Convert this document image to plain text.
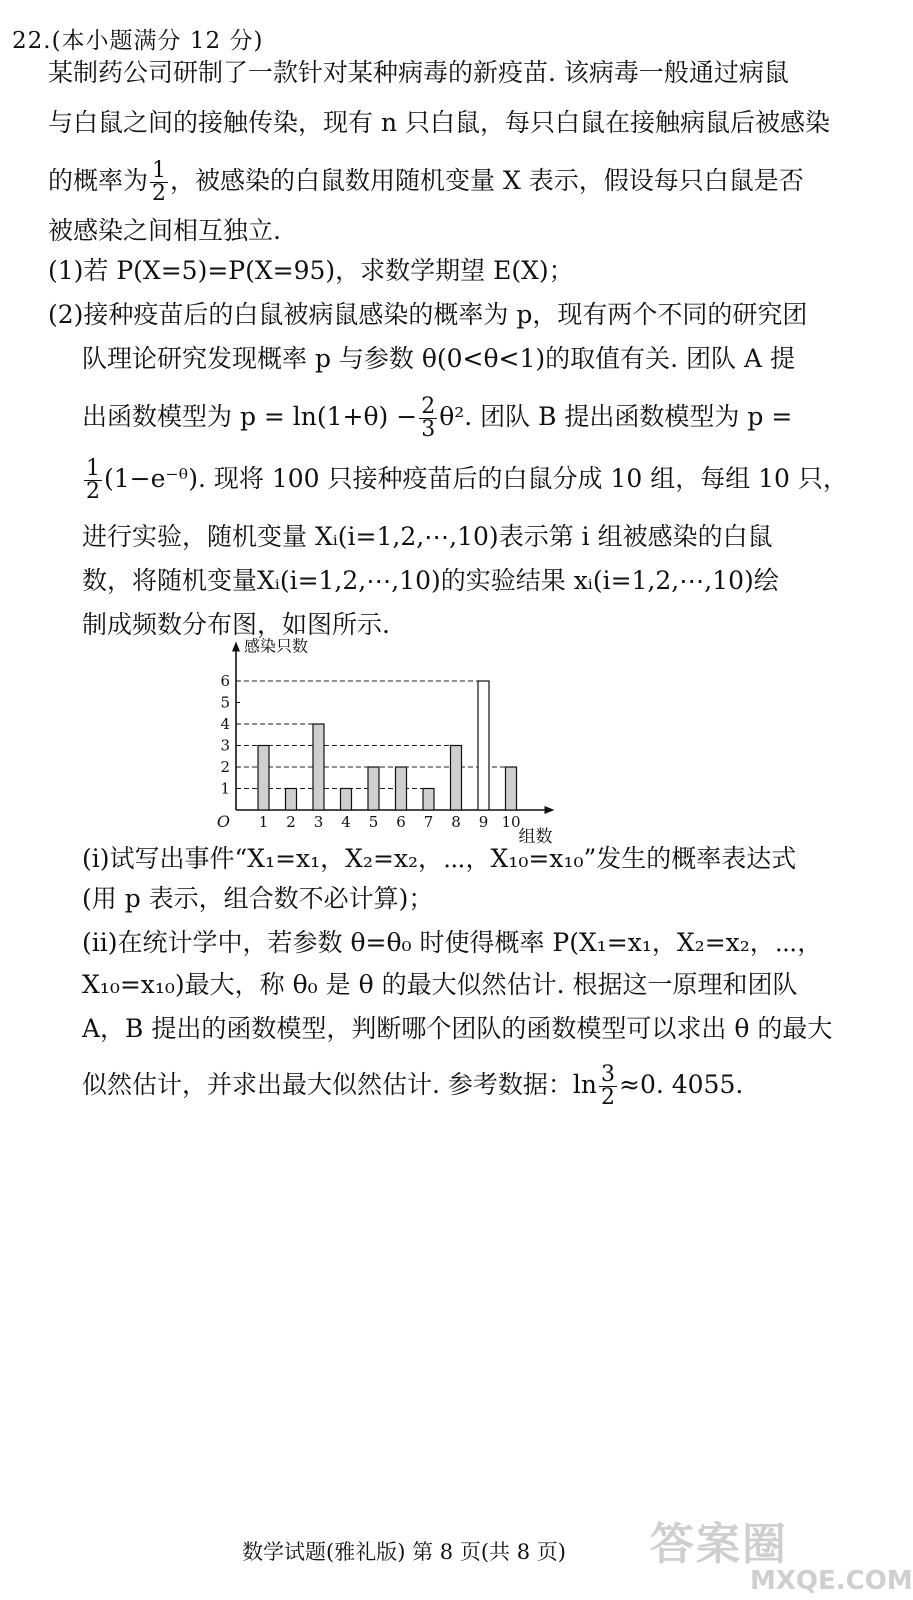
22.(本小题满分 12 分)
某制药公司研制了一款针对某种病毒的新疫苗. 该病毒一般通过病鼠
与白鼠之间的接触传染，现有 n 只白鼠，每只白鼠在接触病鼠后被感染
的概率为 $\frac{1}{2}$ ，被感染的白鼠数用随机变量 X 表示，假设每只白鼠是否
被感染之间相互独立.
(1)若 P(X=5)=P(X=95)，求数学期望 E(X)；
(2)接种疫苗后的白鼠被病鼠感染的概率为 p，现有两个不同的研究团
队理论研究发现概率 p 与参数 θ(0<θ<1)的取值有关. 团队 A 提
出函数模型为 $p = \ln(1+\theta) - \frac{2}{3} \theta^2$. 团队 B 提出函数模型为 p =
$\frac{1}{2}$ (1−e⁻ᶿ). 现将 100 只接种疫苗后的白鼠分成 10 组，每组 10 只，
进行实验，随机变量 Xᵢ(i=1,2,⋯,10)表示第 i 组被感染的白鼠
数，将随机变量Xᵢ(i=1,2,⋯,10)的实验结果 xᵢ(i=1,2,⋯,10)绘
制成频数分布图，如图所示.
1
2
3
4
5
6
1 2 3 4 5 6 7 8 9 10
O
感染只数
组数
(ⅰ)试写出事件“X₁=x₁，X₂=x₂，⋯，X₁₀=x₁₀”发生的概率表达式
(用 p 表示，组合数不必计算)；
(ⅱ)在统计学中，若参数 θ=θ₀ 时使得概率 P(X₁=x₁，X₂=x₂，⋯，
X₁₀=x₁₀)最大，称 θ₀ 是 θ 的最大似然估计. 根据这一原理和团队
A，B 提出的函数模型，判断哪个团队的函数模型可以求出 θ 的最大
似然估计，并求出最大似然估计. 参考数据：$\ln \frac{3}{2} \approx 0$. 4055.
答案圈
MXQE.COM
数学试题(雅礼版) 第 8 页(共 8 页)
